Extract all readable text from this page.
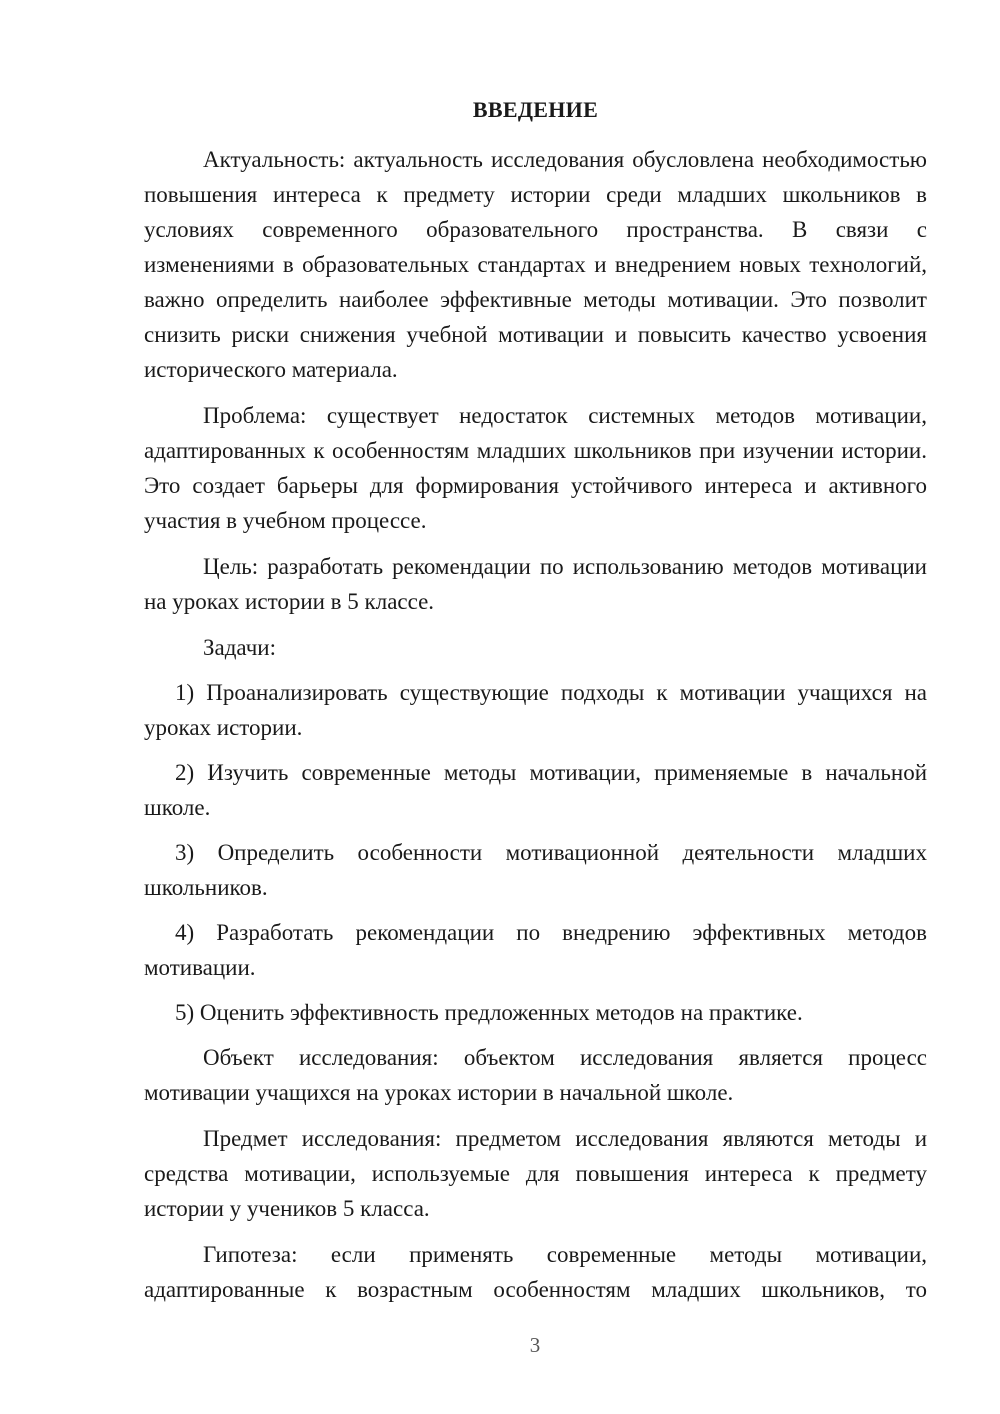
ВВЕДЕНИЕ

Актуальность: актуальность исследования обусловлена необходимостью повышения интереса к предмету истории среди младших школьников в условиях современного образовательного пространства. В связи с изменениями в образовательных стандартах и внедрением новых технологий, важно определить наиболее эффективные методы мотивации. Это позволит снизить риски снижения учебной мотивации и повысить качество усвоения исторического материала.

Проблема: существует недостаток системных методов мотивации, адаптированных к особенностям младших школьников при изучении истории. Это создает барьеры для формирования устойчивого интереса и активного участия в учебном процессе.

Цель: разработать рекомендации по использованию методов мотивации на уроках истории в 5 классе.

Задачи:

1) Проанализировать существующие подходы к мотивации учащихся на уроках истории.

2) Изучить современные методы мотивации, применяемые в начальной школе.

3) Определить особенности мотивационной деятельности младших школьников.

4) Разработать рекомендации по внедрению эффективных методов мотивации.

5) Оценить эффективность предложенных методов на практике.

Объект исследования: объектом исследования является процесс мотивации учащихся на уроках истории в начальной школе.

Предмет исследования: предметом исследования являются методы и средства мотивации, используемые для повышения интереса к предмету истории у учеников 5 класса.

Гипотеза: если применять современные методы мотивации, адаптированные к возрастным особенностям младших школьников, то

3
